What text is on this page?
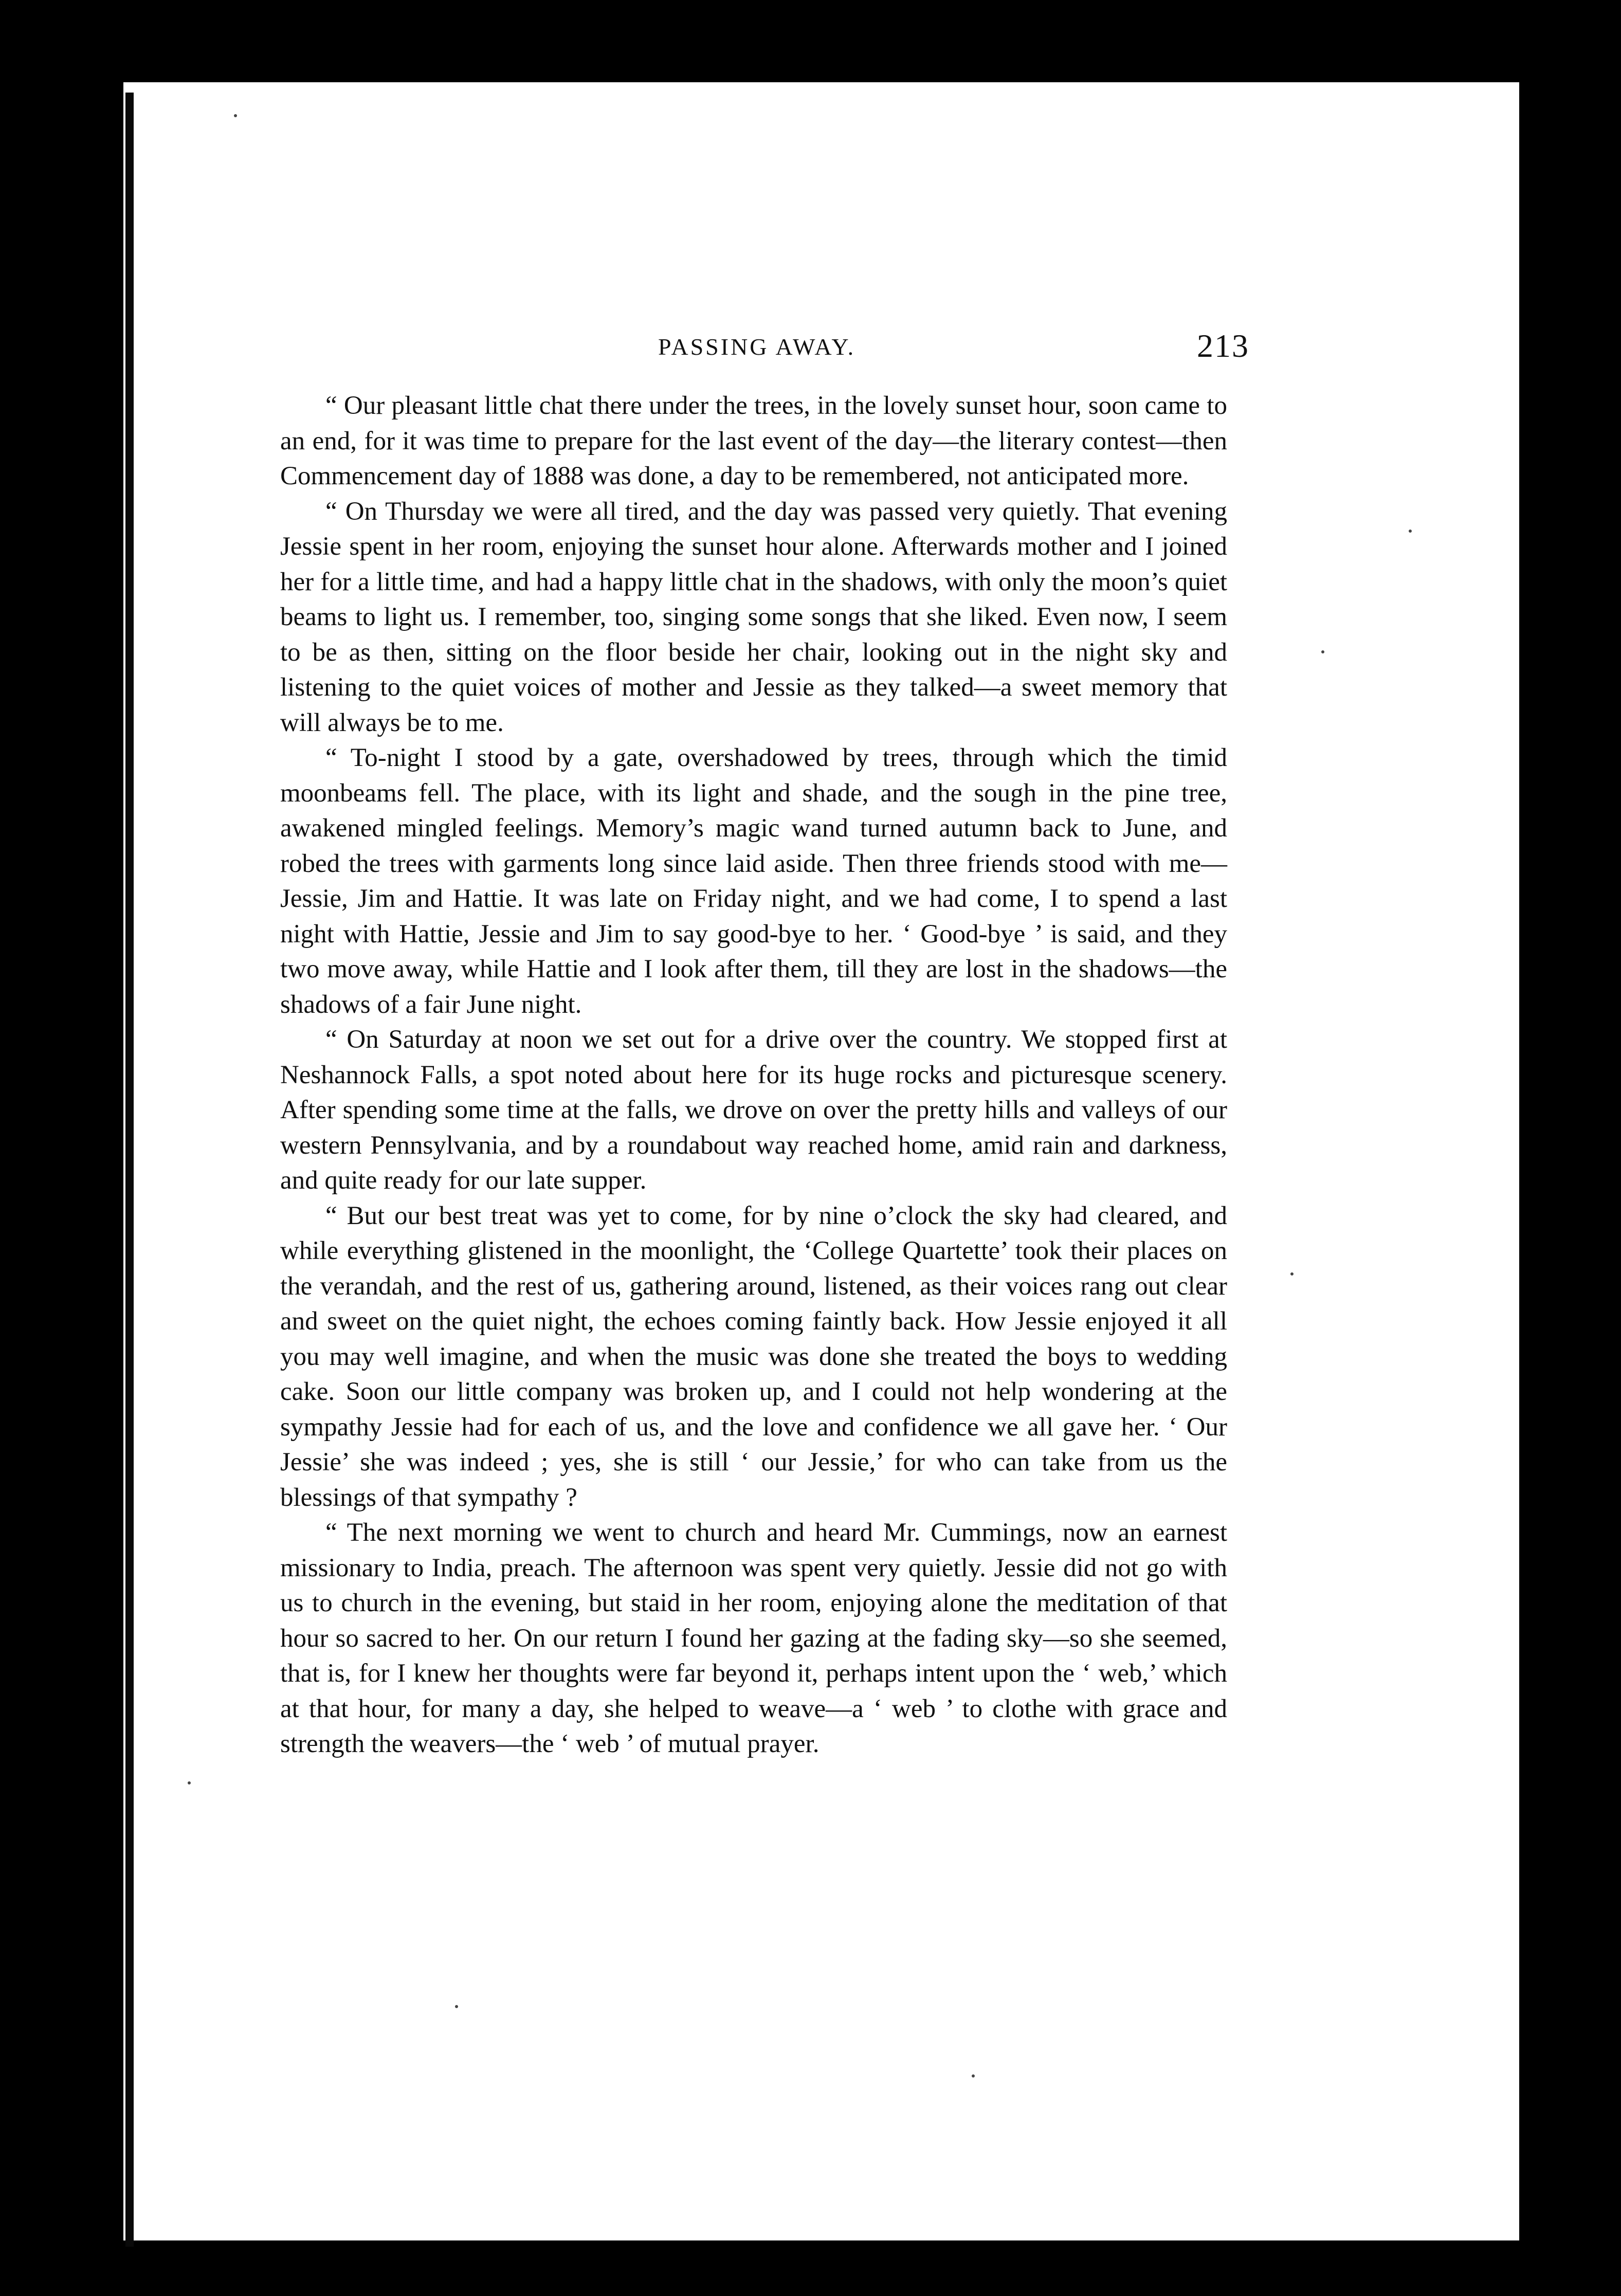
PASSING AWAY.	213

“ Our pleasant little chat there under the trees, in the lovely sunset hour, soon came to an end, for it was time to prepare for the last event of the day—the literary contest—then Commencement day of 1888 was done, a day to be remembered, not anticipated more.

“ On Thursday we were all tired, and the day was passed very quietly. That evening Jessie spent in her room, enjoying the sunset hour alone. Afterwards mother and I joined her for a little time, and had a happy little chat in the shadows, with only the moon’s quiet beams to light us. I remember, too, singing some songs that she liked. Even now, I seem to be as then, sitting on the floor beside her chair, looking out in the night sky and listening to the quiet voices of mother and Jessie as they talked—a sweet memory that will always be to me.

“ To-night I stood by a gate, overshadowed by trees, through which the timid moonbeams fell. The place, with its light and shade, and the sough in the pine tree, awakened mingled feelings. Memory’s magic wand turned autumn back to June, and robed the trees with garments long since laid aside. Then three friends stood with me—Jessie, Jim and Hattie. It was late on Friday night, and we had come, I to spend a last night with Hattie, Jessie and Jim to say good-bye to her. ‘ Good-bye ’ is said, and they two move away, while Hattie and I look after them, till they are lost in the shadows—the shadows of a fair June night.

“ On Saturday at noon we set out for a drive over the country. We stopped first at Neshannock Falls, a spot noted about here for its huge rocks and picturesque scenery. After spending some time at the falls, we drove on over the pretty hills and valleys of our western Pennsylvania, and by a roundabout way reached home, amid rain and darkness, and quite ready for our late supper.

“ But our best treat was yet to come, for by nine o’clock the sky had cleared, and while everything glistened in the moonlight, the ‘College Quartette’ took their places on the verandah, and the rest of us, gathering around, listened, as their voices rang out clear and sweet on the quiet night, the echoes coming faintly back. How Jessie enjoyed it all you may well imagine, and when the music was done she treated the boys to wedding cake. Soon our little company was broken up, and I could not help wondering at the sympathy Jessie had for each of us, and the love and confidence we all gave her. ‘ Our Jessie’ she was indeed ; yes, she is still ‘ our Jessie,’ for who can take from us the blessings of that sympathy ?

“ The next morning we went to church and heard Mr. Cummings, now an earnest missionary to India, preach. The afternoon was spent very quietly. Jessie did not go with us to church in the evening, but staid in her room, enjoying alone the meditation of that hour so sacred to her. On our return I found her gazing at the fading sky—so she seemed, that is, for I knew her thoughts were far beyond it, perhaps intent upon the ‘ web,’ which at that hour, for many a day, she helped to weave—a ‘ web ’ to clothe with grace and strength the weavers—the ‘ web ’ of mutual prayer.
